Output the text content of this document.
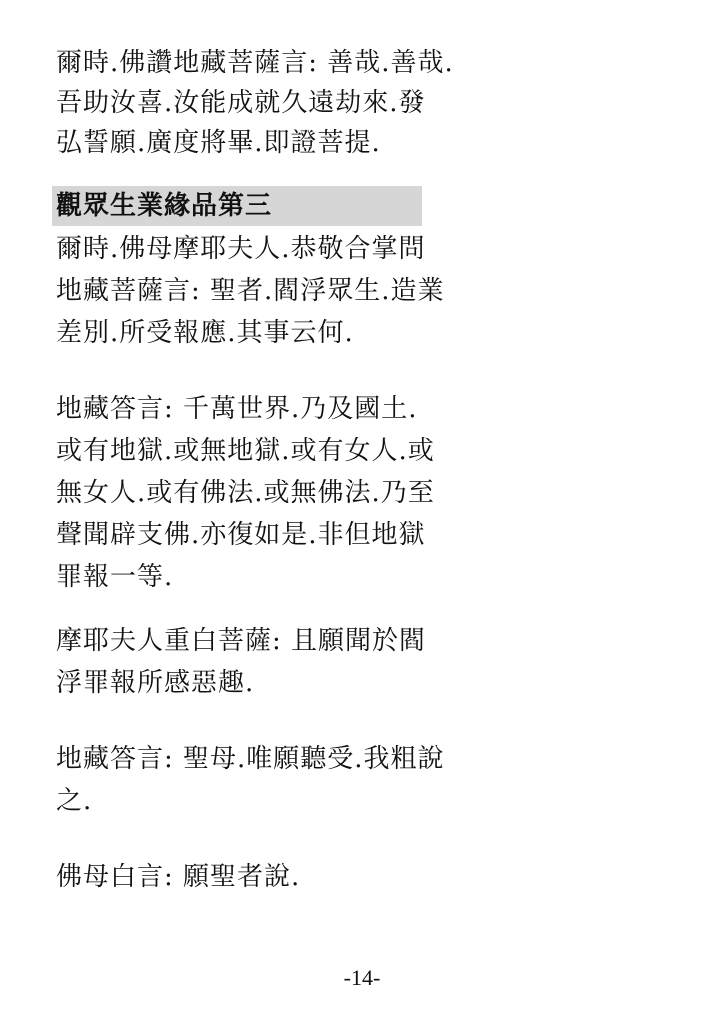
爾時.佛讚地藏菩薩言: 善哉.善哉.
吾助汝喜.汝能成就久遠劫來.發
弘誓願.廣度將畢.即證菩提.
觀眾生業緣品第三
爾時.佛母摩耶夫人.恭敬合掌問
地藏菩薩言: 聖者.閻浮眾生.造業
差別.所受報應.其事云何.
地藏答言: 千萬世界.乃及國土.
或有地獄.或無地獄.或有女人.或
無女人.或有佛法.或無佛法.乃至
聲聞辟支佛.亦復如是.非但地獄
罪報一等.
摩耶夫人重白菩薩: 且願聞於閻
浮罪報所感惡趣.
地藏答言: 聖母.唯願聽受.我粗說
之.
佛母白言: 願聖者說.
-14-
